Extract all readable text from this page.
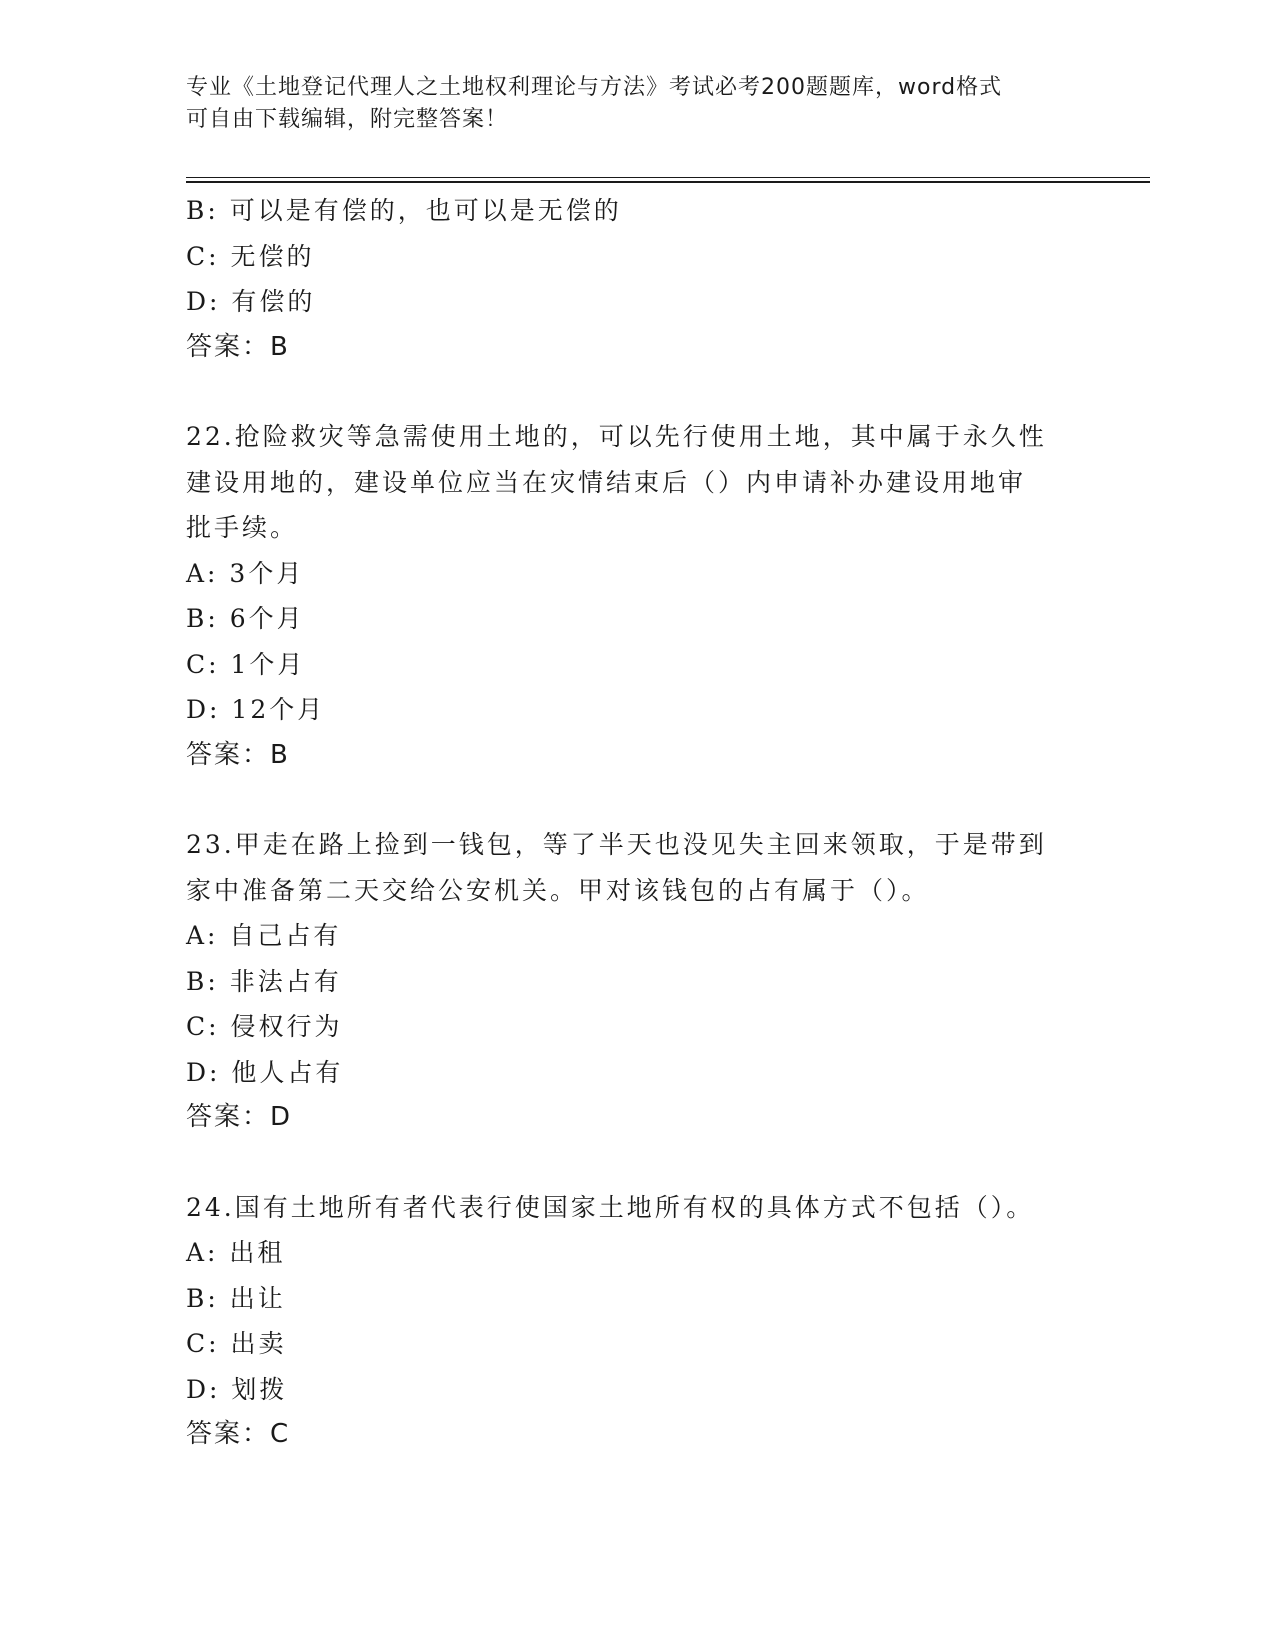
专业《土地登记代理人之土地权利理论与方法》考试必考200题题库，word格式
可自由下载编辑，附完整答案！
B: 可以是有偿的，也可以是无偿的
C: 无偿的
D: 有偿的
答案：B
22.抢险救灾等急需使用土地的，可以先行使用土地，其中属于永久性
建设用地的，建设单位应当在灾情结束后（）内申请补办建设用地审
批手续。
A: 3个月
B: 6个月
C: 1个月
D: 12个月
答案：B
23.甲走在路上捡到一钱包，等了半天也没见失主回来领取，于是带到
家中准备第二天交给公安机关。甲对该钱包的占有属于（）。
A: 自己占有
B: 非法占有
C: 侵权行为
D: 他人占有
答案：D
24.国有土地所有者代表行使国家土地所有权的具体方式不包括（）。
A: 出租
B: 出让
C: 出卖
D: 划拨
答案：C
